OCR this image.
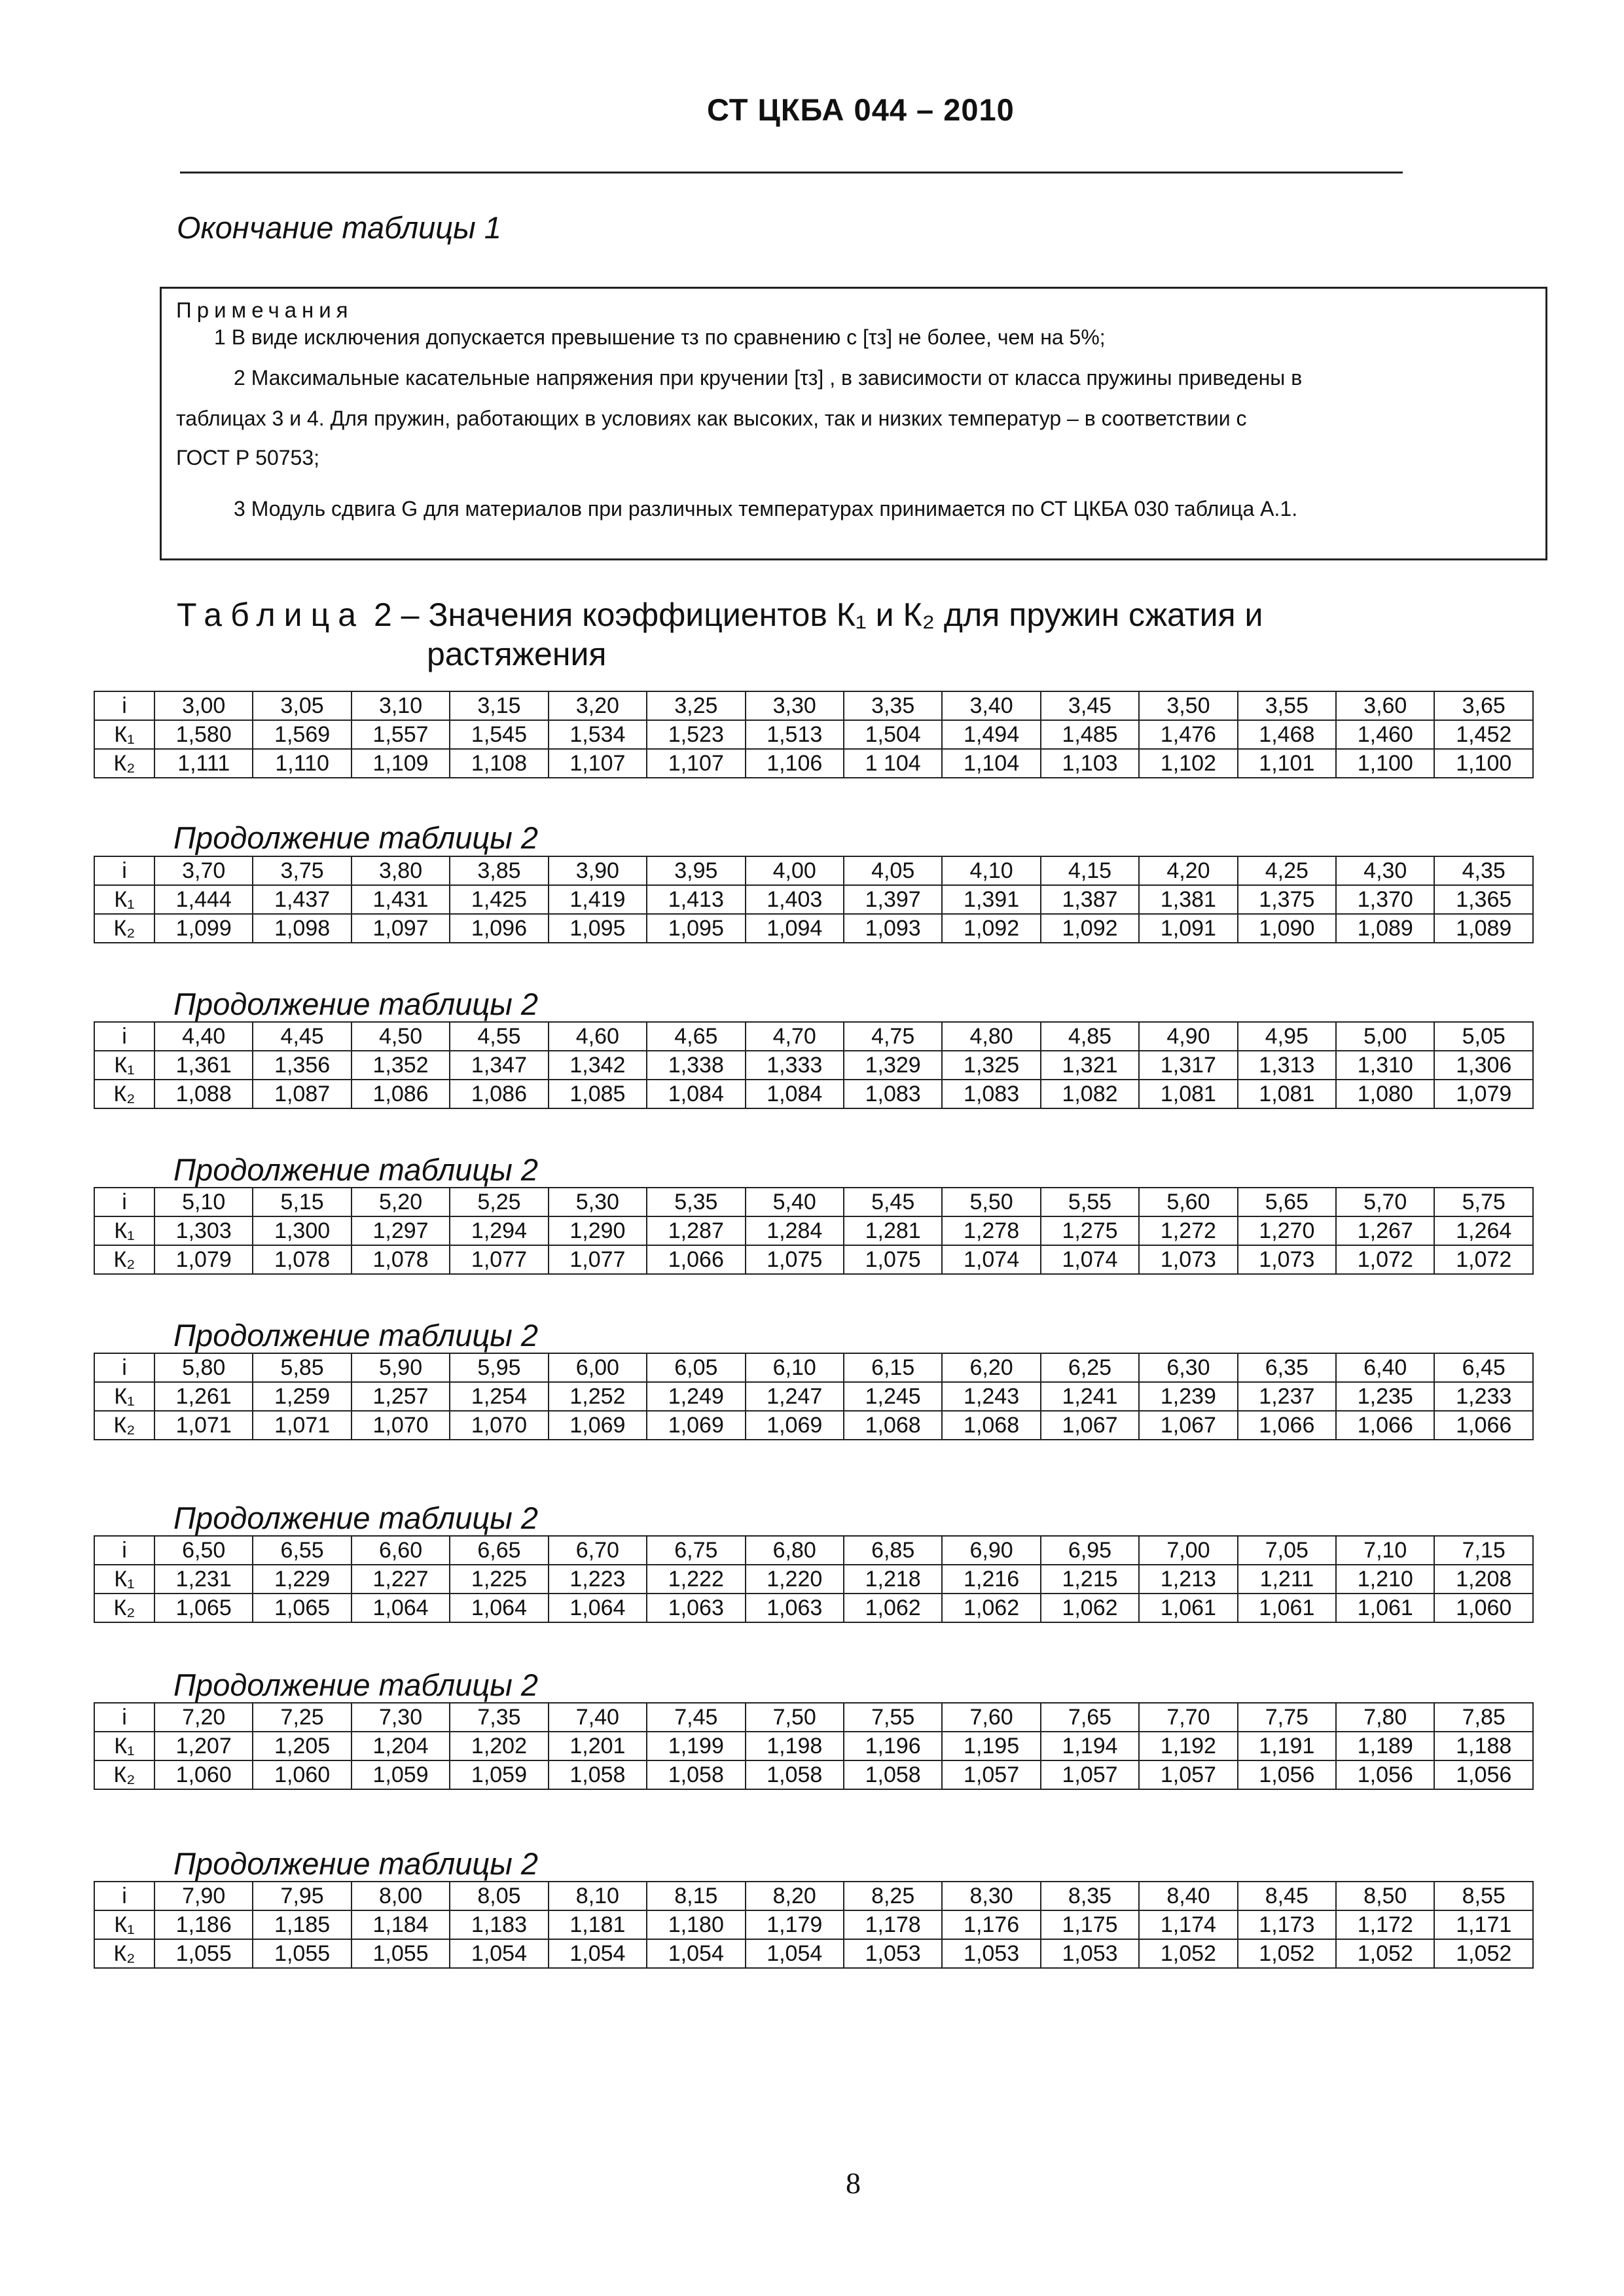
СТ ЦКБА 044 – 2010
Окончание таблицы 1
Примечания
1 В виде исключения допускается превышение τз по сравнению с [τз] не более, чем на 5%;
2 Максимальные касательные напряжения при кручении [τз] , в зависимости от класса пружины приведены в
таблицах 3 и 4. Для пружин, работающих в условиях как высоких, так и низких температур – в соответствии с
ГОСТ Р 50753;
3 Модуль сдвига G для материалов при различных температурах принимается по СТ ЦКБА 030 таблица А.1.
Таблица 2 – Значения коэффициентов К₁ и К₂ для пружин сжатия и
растяжения
i	3,00	3,05	3,10	3,15	3,20	3,25	3,30	3,35	3,40	3,45	3,50	3,55	3,60	3,65
К₁	1,580	1,569	1,557	1,545	1,534	1,523	1,513	1,504	1,494	1,485	1,476	1,468	1,460	1,452
К₂	1,111	1,110	1,109	1,108	1,107	1,107	1,106	1 104	1,104	1,103	1,102	1,101	1,100	1,100
Продолжение таблицы 2
i	3,70	3,75	3,80	3,85	3,90	3,95	4,00	4,05	4,10	4,15	4,20	4,25	4,30	4,35
К₁	1,444	1,437	1,431	1,425	1,419	1,413	1,403	1,397	1,391	1,387	1,381	1,375	1,370	1,365
К₂	1,099	1,098	1,097	1,096	1,095	1,095	1,094	1,093	1,092	1,092	1,091	1,090	1,089	1,089
Продолжение таблицы 2
i	4,40	4,45	4,50	4,55	4,60	4,65	4,70	4,75	4,80	4,85	4,90	4,95	5,00	5,05
К₁	1,361	1,356	1,352	1,347	1,342	1,338	1,333	1,329	1,325	1,321	1,317	1,313	1,310	1,306
К₂	1,088	1,087	1,086	1,086	1,085	1,084	1,084	1,083	1,083	1,082	1,081	1,081	1,080	1,079
Продолжение таблицы 2
i	5,10	5,15	5,20	5,25	5,30	5,35	5,40	5,45	5,50	5,55	5,60	5,65	5,70	5,75
К₁	1,303	1,300	1,297	1,294	1,290	1,287	1,284	1,281	1,278	1,275	1,272	1,270	1,267	1,264
К₂	1,079	1,078	1,078	1,077	1,077	1,066	1,075	1,075	1,074	1,074	1,073	1,073	1,072	1,072
Продолжение таблицы 2
i	5,80	5,85	5,90	5,95	6,00	6,05	6,10	6,15	6,20	6,25	6,30	6,35	6,40	6,45
К₁	1,261	1,259	1,257	1,254	1,252	1,249	1,247	1,245	1,243	1,241	1,239	1,237	1,235	1,233
К₂	1,071	1,071	1,070	1,070	1,069	1,069	1,069	1,068	1,068	1,067	1,067	1,066	1,066	1,066
Продолжение таблицы 2
i	6,50	6,55	6,60	6,65	6,70	6,75	6,80	6,85	6,90	6,95	7,00	7,05	7,10	7,15
К₁	1,231	1,229	1,227	1,225	1,223	1,222	1,220	1,218	1,216	1,215	1,213	1,211	1,210	1,208
К₂	1,065	1,065	1,064	1,064	1,064	1,063	1,063	1,062	1,062	1,062	1,061	1,061	1,061	1,060
Продолжение таблицы 2
i	7,20	7,25	7,30	7,35	7,40	7,45	7,50	7,55	7,60	7,65	7,70	7,75	7,80	7,85
К₁	1,207	1,205	1,204	1,202	1,201	1,199	1,198	1,196	1,195	1,194	1,192	1,191	1,189	1,188
К₂	1,060	1,060	1,059	1,059	1,058	1,058	1,058	1,058	1,057	1,057	1,057	1,056	1,056	1,056
Продолжение таблицы 2
i	7,90	7,95	8,00	8,05	8,10	8,15	8,20	8,25	8,30	8,35	8,40	8,45	8,50	8,55
К₁	1,186	1,185	1,184	1,183	1,181	1,180	1,179	1,178	1,176	1,175	1,174	1,173	1,172	1,171
К₂	1,055	1,055	1,055	1,054	1,054	1,054	1,054	1,053	1,053	1,053	1,052	1,052	1,052	1,052
8
